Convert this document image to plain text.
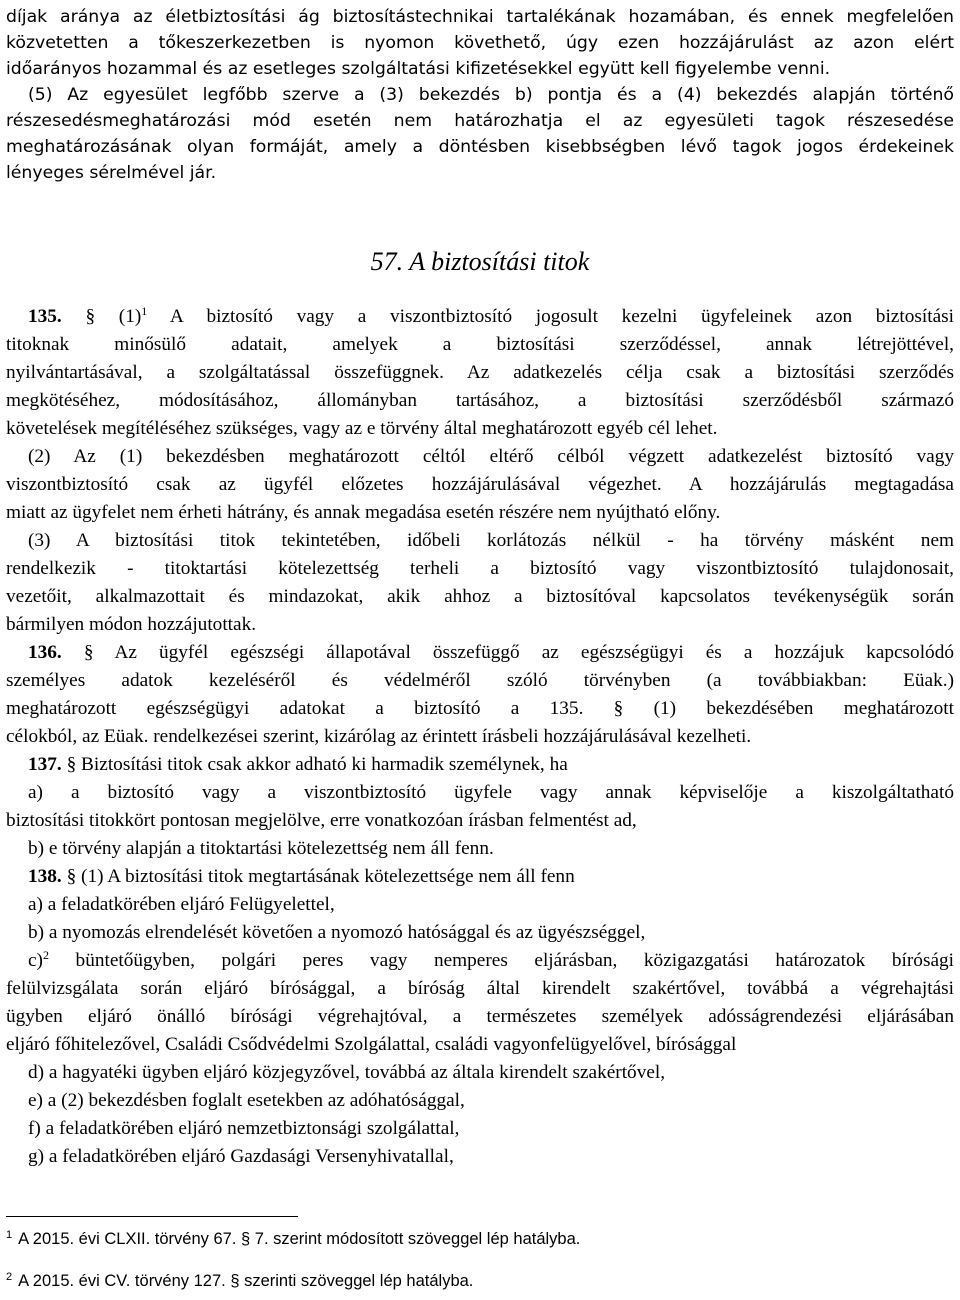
díjak aránya az életbiztosítási ág biztosítástechnikai tartalékának hozamában, és ennek megfelelően
közvetetten a tőkeszerkezetben is nyomon követhető, úgy ezen hozzájárulást az azon elért
időarányos hozammal és az esetleges szolgáltatási kifizetésekkel együtt kell figyelembe venni.
(5) Az egyesület legfőbb szerve a (3) bekezdés b) pontja és a (4) bekezdés alapján történő
részesedésmeghatározási mód esetén nem határozhatja el az egyesületi tagok részesedése
meghatározásának olyan formáját, amely a döntésben kisebbségben lévő tagok jogos érdekeinek
lényeges sérelmével jár.
57. A biztosítási titok
135. § $(1)^1$ A biztosító vagy a viszontbiztosító jogosult kezelni ügyfeleinek azon biztosítási
titoknak minősülő adatait, amelyek a biztosítási szerződéssel, annak létrejöttével,
nyilvántartásával, a szolgáltatással összefüggnek. Az adatkezelés célja csak a biztosítási szerződés
megkötéséhez, módosításához, állományban tartásához, a biztosítási szerződésből származó
követelések megítéléséhez szükséges, vagy az e törvény által meghatározott egyéb cél lehet.
(2) Az (1) bekezdésben meghatározott céltól eltérő célból végzett adatkezelést biztosító vagy
viszontbiztosító csak az ügyfél előzetes hozzájárulásával végezhet. A hozzájárulás megtagadása
miatt az ügyfelet nem érheti hátrány, és annak megadása esetén részére nem nyújtható előny.
(3) A biztosítási titok tekintetében, időbeli korlátozás nélkül - ha törvény másként nem
rendelkezik - titoktartási kötelezettség terheli a biztosító vagy viszontbiztosító tulajdonosait,
vezetőit, alkalmazottait és mindazokat, akik ahhoz a biztosítóval kapcsolatos tevékenységük során
bármilyen módon hozzájutottak.
136. § Az ügyfél egészségi állapotával összefüggő az egészségügyi és a hozzájuk kapcsolódó
személyes adatok kezeléséről és védelméről szóló törvényben (a továbbiakban: Eüak.)
meghatározott egészségügyi adatokat a biztosító a 135. § (1) bekezdésében meghatározott
célokból, az Eüak. rendelkezései szerint, kizárólag az érintett írásbeli hozzájárulásával kezelheti.
137. § Biztosítási titok csak akkor adható ki harmadik személynek, ha
a) a biztosító vagy a viszontbiztosító ügyfele vagy annak képviselője a kiszolgáltatható
biztosítási titokkört pontosan megjelölve, erre vonatkozóan írásban felmentést ad,
b) e törvény alapján a titoktartási kötelezettség nem áll fenn.
138. § (1) A biztosítási titok megtartásának kötelezettsége nem áll fenn
a) a feladatkörében eljáró Felügyelettel,
b) a nyomozás elrendelését követően a nyomozó hatósággal és az ügyészséggel,
c)$^2$ büntetőügyben, polgári peres vagy nemperes eljárásban, közigazgatási határozatok bírósági
felülvizsgálata során eljáró bírósággal, a bíróság által kirendelt szakértővel, továbbá a végrehajtási
ügyben eljáró önálló bírósági végrehajtóval, a természetes személyek adósságrendezési eljárásában
eljáró főhitelezővel, Családi Csődvédelmi Szolgálattal, családi vagyonfelügyelővel, bírósággal
d) a hagyatéki ügyben eljáró közjegyzővel, továbbá az általa kirendelt szakértővel,
e) a (2) bekezdésben foglalt esetekben az adóhatósággal,
f) a feladatkörében eljáró nemzetbiztonsági szolgálattal,
g) a feladatkörében eljáró Gazdasági Versenyhivatallal,
$^1$ A 2015. évi CLXII. törvény 67. § 7. szerint módosított szöveggel lép hatályba.
$^2$ A 2015. évi CV. törvény 127. § szerinti szöveggel lép hatályba.
